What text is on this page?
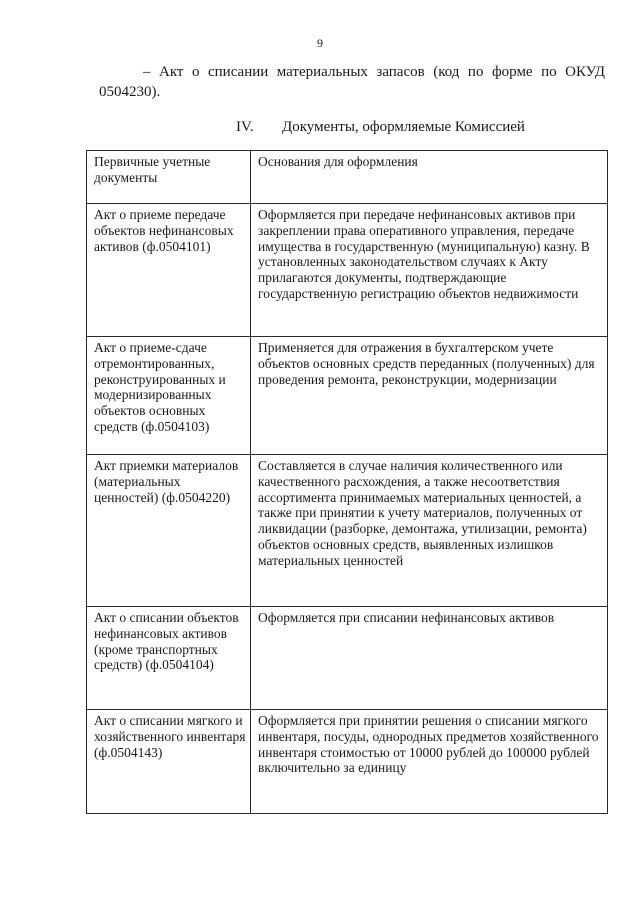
9

– Акт о списании материальных запасов (код по форме по ОКУД 0504230).

IV. Документы, оформляемые Комиссией
Первичные учетные документы	Основания для оформления
Акт о приеме передаче объектов нефинансовых активов (ф.0504101)	Оформляется при передаче нефинансовых активов при закреплении права оперативного управления, передаче имущества в государственную (муниципальную) казну. В установленных законодательством случаях к Акту прилагаются документы, подтверждающие государственную регистрацию объектов недвижимости
Акт о приеме-сдаче отремонтированных, реконструированных и модернизированных объектов основных средств (ф.0504103)	Применяется для отражения в бухгалтерском учете объектов основных средств переданных (полученных) для проведения ремонта, реконструкции, модернизации
Акт приемки материалов (материальных ценностей) (ф.0504220)	Составляется в случае наличия количественного или качественного расхождения, а также несоответствия ассортимента принимаемых материальных ценностей, а также при принятии к учету материалов, полученных от ликвидации (разборке, демонтажа, утилизации, ремонта) объектов основных средств, выявленных излишков материальных ценностей
Акт о списании объектов нефинансовых активов (кроме транспортных средств) (ф.0504104)	Оформляется при списании нефинансовых активов
Акт о списании мягкого и хозяйственного инвентаря (ф.0504143)	Оформляется при принятии решения о списании мягкого инвентаря, посуды, однородных предметов хозяйственного инвентаря стоимостью от 10000 рублей до 100000 рублей включительно за единицу
